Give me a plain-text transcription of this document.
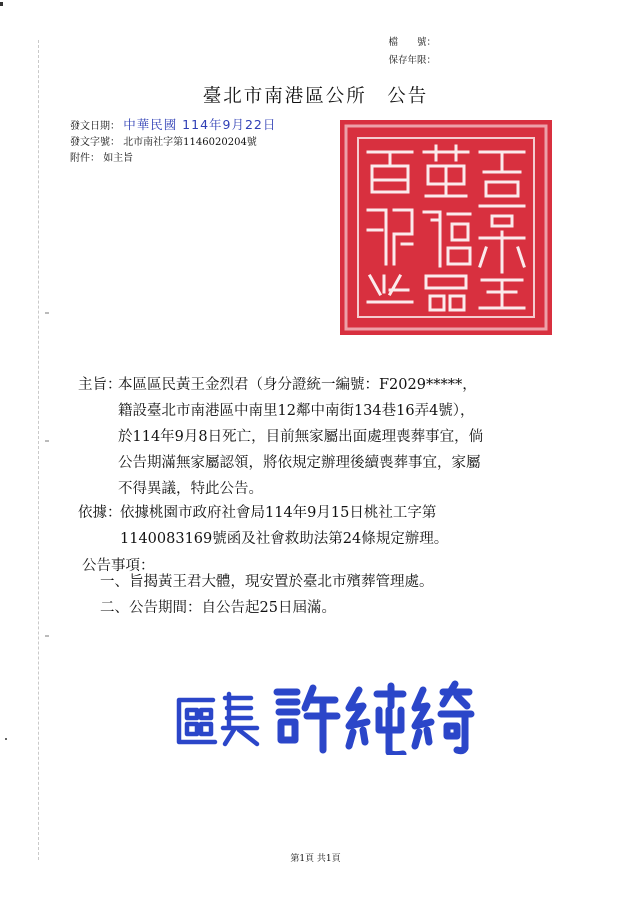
檔　　號：
保存年限：
臺北市南港區公所　公告
發文日期： 中華民國 114年9月22日
發文字號： 北市南社字第1146020204號
附件： 如主旨
主旨：
本區區民黃王金烈君（身分證統一編號：F2029*****，
籍設臺北市南港區中南里12鄰中南街134巷16弄4號），
於114年9月8日死亡，目前無家屬出面處理喪葬事宜，倘
公告期滿無家屬認領，將依規定辦理後續喪葬事宜，家屬
不得異議，特此公告。
依據：
依據桃園市政府社會局114年9月15日桃社工字第
1140083169號函及社會救助法第24條規定辦理。
公告事項：
一、旨揭黃王君大體，現安置於臺北市殯葬管理處。
二、公告期間：自公告起25日屆滿。
第1頁 共1頁
